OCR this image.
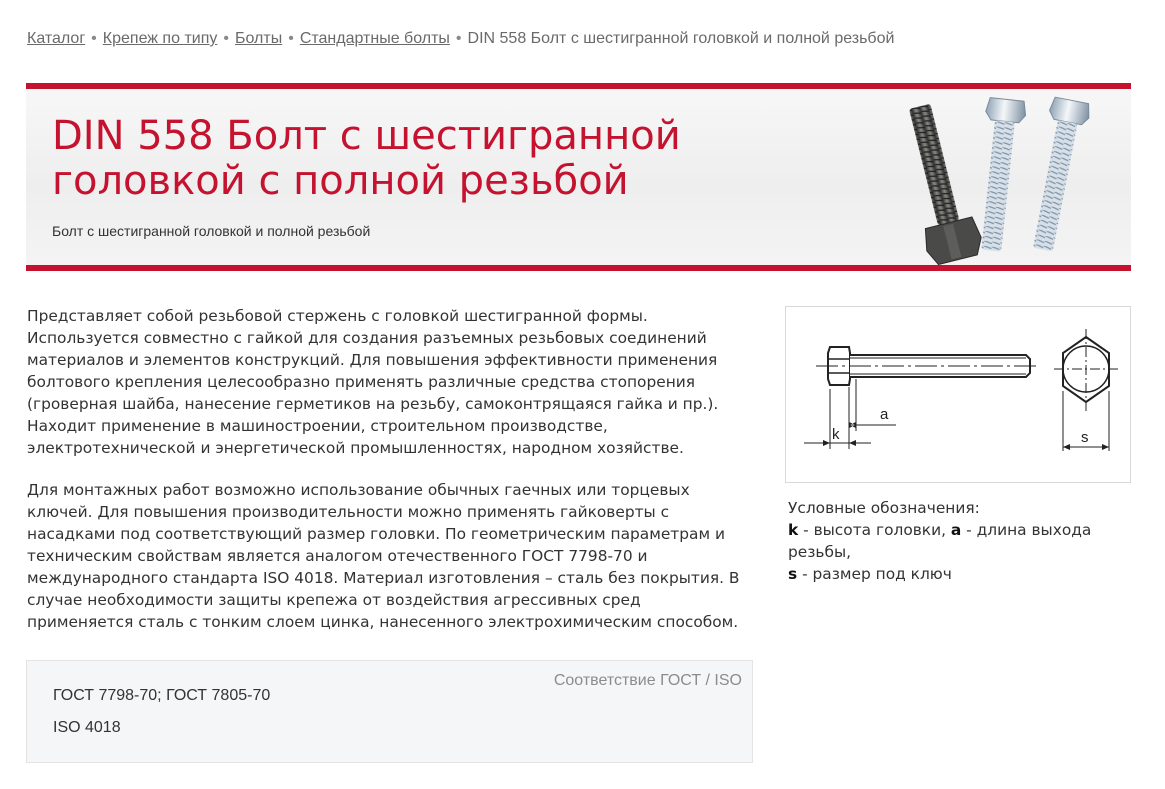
Каталог • Крепеж по типу • Болты • Стандартные болты • DIN 558 Болт с шестигранной головкой и полной резьбой
DIN 558 Болт с шестигранной головкой с полной резьбой
Болт с шестигранной головкой и полной резьбой

Представляет собой резьбовой стержень с головкой шестигранной формы. Используется совместно с гайкой для создания разъемных резьбовых соединений материалов и элементов конструкций. Для повышения эффективности применения болтового крепления целесообразно применять различные средства стопорения (гроверная шайба, нанесение герметиков на резьбу, самоконтрящаяся гайка и пр.). Находит применение в машиностроении, строительном производстве, электротехнической и энергетической промышленностях, народном хозяйстве.

Для монтажных работ возможно использование обычных гаечных или торцевых ключей. Для повышения производительности можно применять гайковерты с насадками под соответствующий размер головки. По геометрическим параметрам и техническим свойствам является аналогом отечественного ГОСТ 7798-70 и международного стандарта ISO 4018. Материал изготовления – сталь без покрытия. В случае необходимости защиты крепежа от воздействия агрессивных сред применяется сталь с тонким слоем цинка, нанесенного электрохимическим способом.

k
a
s
Условные обозначения:
k - высота головки, a - длина выхода резьбы,
s - размер под ключ
Соответствие ГОСТ / ISO
ГОСТ 7798-70; ГОСТ 7805-70
ISO 4018
